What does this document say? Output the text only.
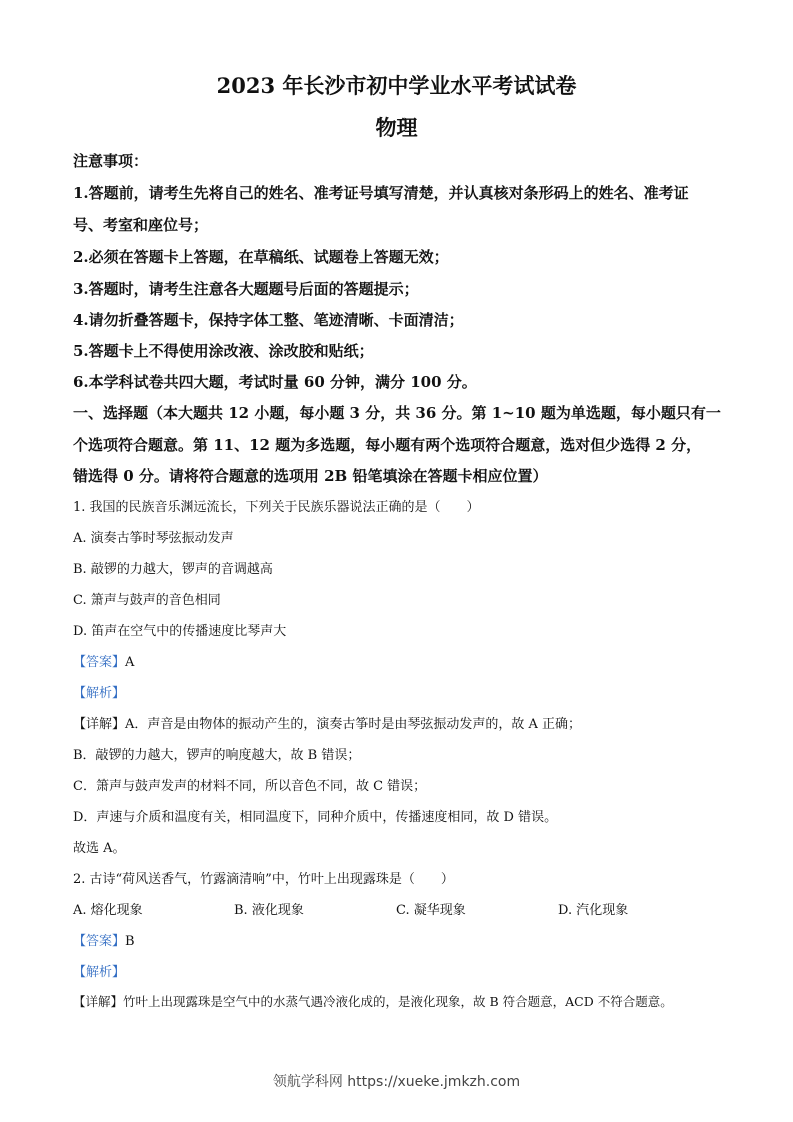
2023 年长沙市初中学业水平考试试卷
物理
注意事项：
1.答题前，请考生先将自己的姓名、准考证号填写清楚，并认真核对条形码上的姓名、准考证
号、考室和座位号；
2.必须在答题卡上答题，在草稿纸、试题卷上答题无效；
3.答题时，请考生注意各大题题号后面的答题提示；
4.请勿折叠答题卡，保持字体工整、笔迹清晰、卡面清洁；
5.答题卡上不得使用涂改液、涂改胶和贴纸；
6.本学科试卷共四大题，考试时量 60 分钟，满分 100 分。
一、选择题（本大题共 12 小题，每小题 3 分，共 36 分。第 1~10 题为单选题，每小题只有一
个选项符合题意。第 11、12 题为多选题，每小题有两个选项符合题意，选对但少选得 2 分，
错选得 0 分。请将符合题意的选项用 2B 铅笔填涂在答题卡相应位置）
1. 我国的民族音乐渊远流长，下列关于民族乐器说法正确的是（　　）
A. 演奏古筝时琴弦振动发声
B. 敲锣的力越大，锣声的音调越高
C. 箫声与鼓声的音色相同
D. 笛声在空气中的传播速度比琴声大
【答案】A
【解析】
【详解】A．声音是由物体的振动产生的，演奏古筝时是由琴弦振动发声的，故 A 正确；
B．敲锣的力越大，锣声的响度越大，故 B 错误；
C．箫声与鼓声发声的材料不同，所以音色不同，故 C 错误；
D．声速与介质和温度有关，相同温度下，同种介质中，传播速度相同，故 D 错误。
故选 A。
2. 古诗“荷风送香气，竹露滴清响”中，竹叶上出现露珠是（　　）
A. 熔化现象	B. 液化现象	C. 凝华现象	D. 汽化现象
【答案】B
【解析】
【详解】竹叶上出现露珠是空气中的水蒸气遇冷液化成的，是液化现象，故 B 符合题意，ACD 不符合题意。
领航学科网 https://xueke.jmkzh.com
